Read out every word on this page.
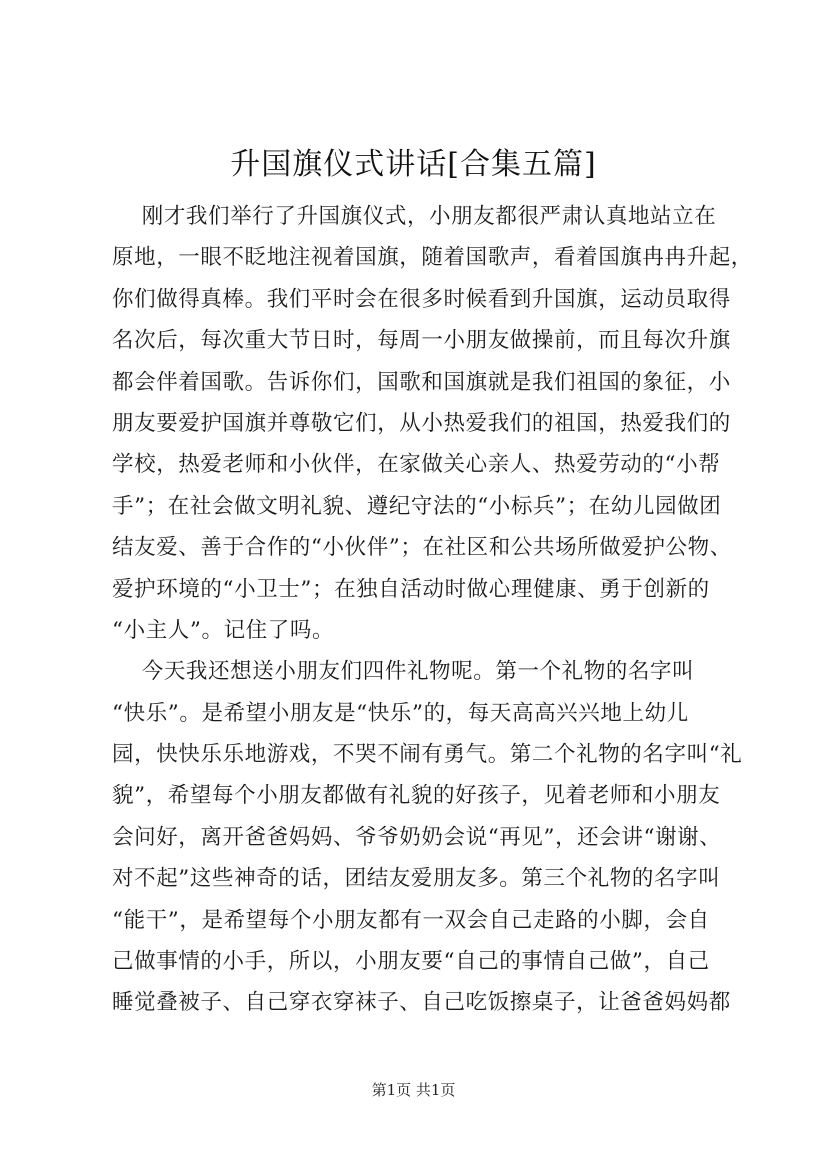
升国旗仪式讲话[合集五篇]
刚才我们举行了升国旗仪式，小朋友都很严肃认真地站立在
原地，一眼不眨地注视着国旗，随着国歌声，看着国旗冉冉升起，
你们做得真棒。我们平时会在很多时候看到升国旗，运动员取得
名次后，每次重大节日时，每周一小朋友做操前，而且每次升旗
都会伴着国歌。告诉你们，国歌和国旗就是我们祖国的象征，小
朋友要爱护国旗并尊敬它们，从小热爱我们的祖国，热爱我们的
学校，热爱老师和小伙伴，在家做关心亲人、热爱劳动的“小帮
手”；在社会做文明礼貌、遵纪守法的“小标兵”；在幼儿园做团
结友爱、善于合作的“小伙伴”；在社区和公共场所做爱护公物、
爱护环境的“小卫士”；在独自活动时做心理健康、勇于创新的
“小主人”。记住了吗。
今天我还想送小朋友们四件礼物呢。第一个礼物的名字叫
“快乐”。是希望小朋友是“快乐”的，每天高高兴兴地上幼儿
园，快快乐乐地游戏，不哭不闹有勇气。第二个礼物的名字叫“礼
貌”，希望每个小朋友都做有礼貌的好孩子，见着老师和小朋友
会问好，离开爸爸妈妈、爷爷奶奶会说“再见”，还会讲“谢谢、
对不起”这些神奇的话，团结友爱朋友多。第三个礼物的名字叫
“能干”，是希望每个小朋友都有一双会自己走路的小脚，会自
己做事情的小手，所以，小朋友要“自己的事情自己做”，自己
睡觉叠被子、自己穿衣穿袜子、自己吃饭擦桌子，让爸爸妈妈都
第1页 共1页
